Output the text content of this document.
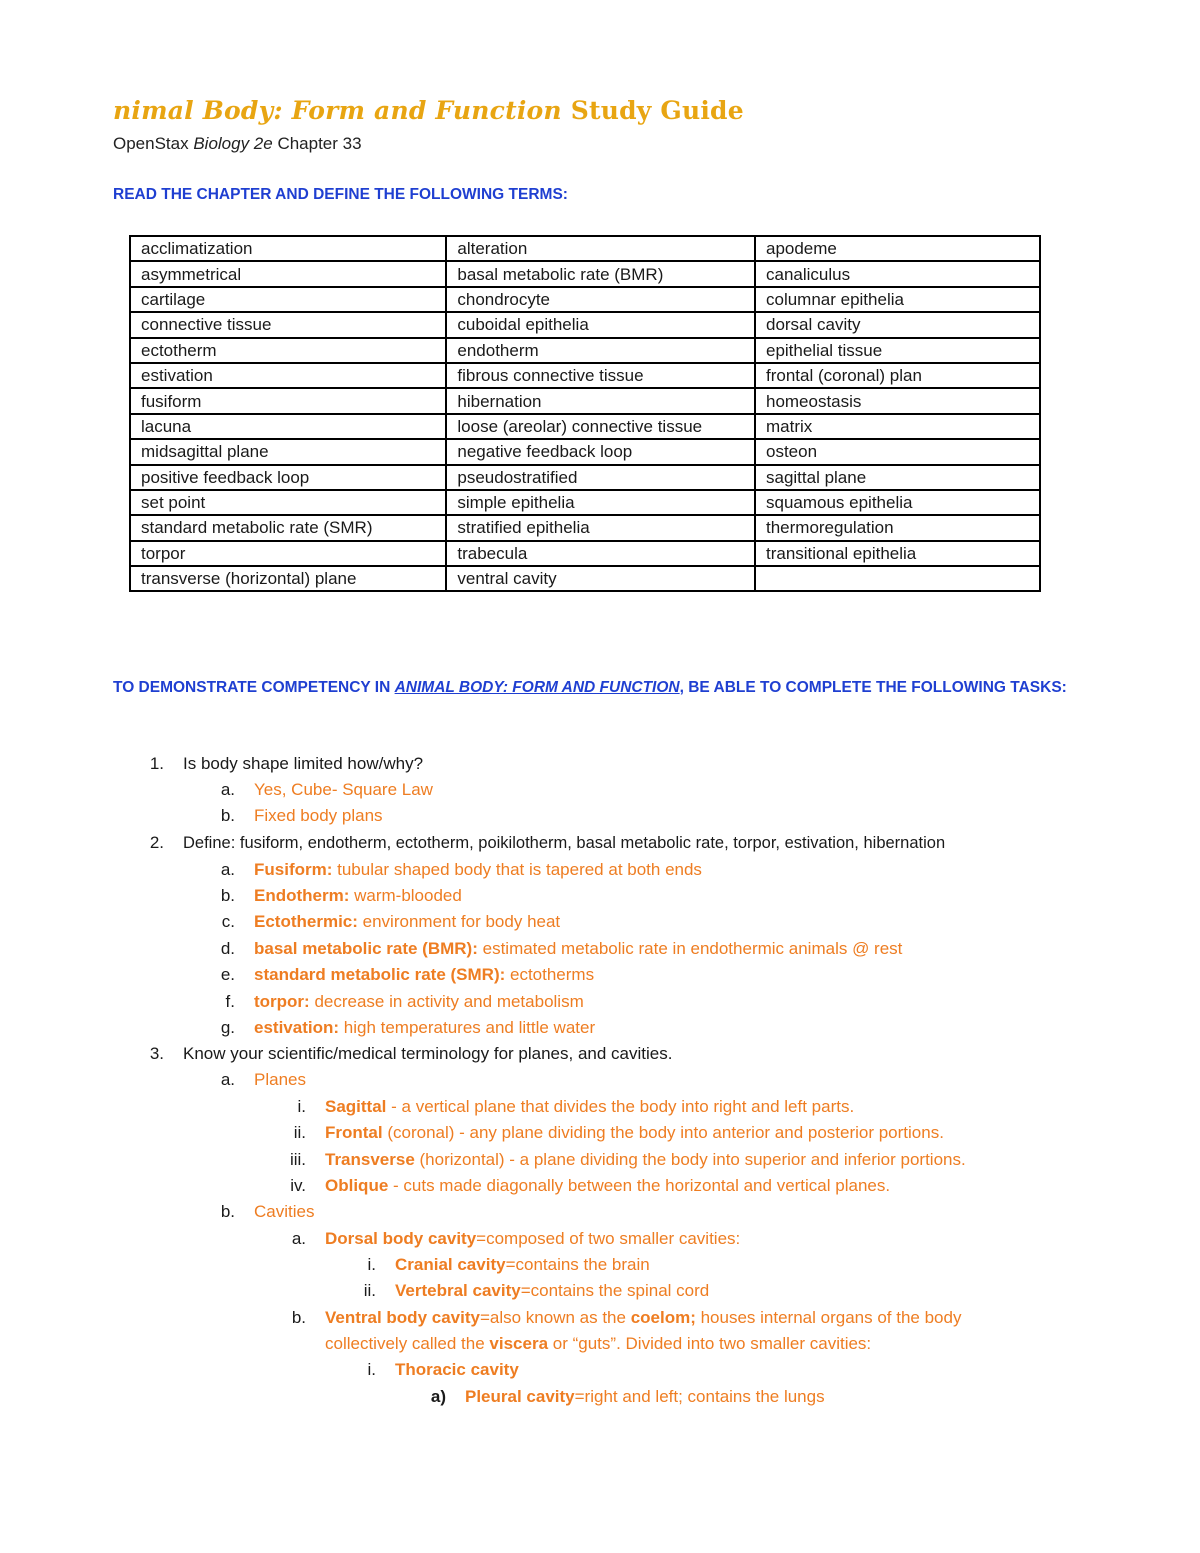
nimal Body: Form and Function Study Guide
OpenStax Biology 2e Chapter 33
READ THE CHAPTER AND DEFINE THE FOLLOWING TERMS:
acclimatization	alteration	apodeme
asymmetrical	basal metabolic rate (BMR)	canaliculus
cartilage	chondrocyte	columnar epithelia
connective tissue	cuboidal epithelia	dorsal cavity
ectotherm	endotherm	epithelial tissue
estivation	fibrous connective tissue	frontal (coronal) plan
fusiform	hibernation	homeostasis
lacuna	loose (areolar) connective tissue	matrix
midsagittal plane	negative feedback loop	osteon
positive feedback loop	pseudostratified	sagittal plane
set point	simple epithelia	squamous epithelia
standard metabolic rate (SMR)	stratified epithelia	thermoregulation
torpor	trabecula	transitional epithelia
transverse (horizontal) plane	ventral cavity	
TO DEMONSTRATE COMPETENCY IN ANIMAL BODY: FORM AND FUNCTION, BE ABLE TO COMPLETE THE FOLLOWING TASKS:
1. Is body shape limited how/why?
a. Yes, Cube- Square Law
b. Fixed body plans
2. Define: fusiform, endotherm, ectotherm, poikilotherm, basal metabolic rate, torpor, estivation, hibernation
a. Fusiform: tubular shaped body that is tapered at both ends
b. Endotherm: warm-blooded
c. Ectothermic: environment for body heat
d. basal metabolic rate (BMR): estimated metabolic rate in endothermic animals @ rest
e. standard metabolic rate (SMR): ectotherms
f. torpor: decrease in activity and metabolism
g. estivation: high temperatures and little water
3. Know your scientific/medical terminology for planes, and cavities.
a. Planes
i. Sagittal - a vertical plane that divides the body into right and left parts.
ii. Frontal (coronal) - any plane dividing the body into anterior and posterior portions.
iii. Transverse (horizontal) - a plane dividing the body into superior and inferior portions.
iv. Oblique - cuts made diagonally between the horizontal and vertical planes.
b. Cavities
a. Dorsal body cavity=composed of two smaller cavities:
i. Cranial cavity=contains the brain
ii. Vertebral cavity=contains the spinal cord
b. Ventral body cavity=also known as the coelom; houses internal organs of the body
collectively called the viscera or “guts”. Divided into two smaller cavities:
i. Thoracic cavity
a) Pleural cavity=right and left; contains the lungs
